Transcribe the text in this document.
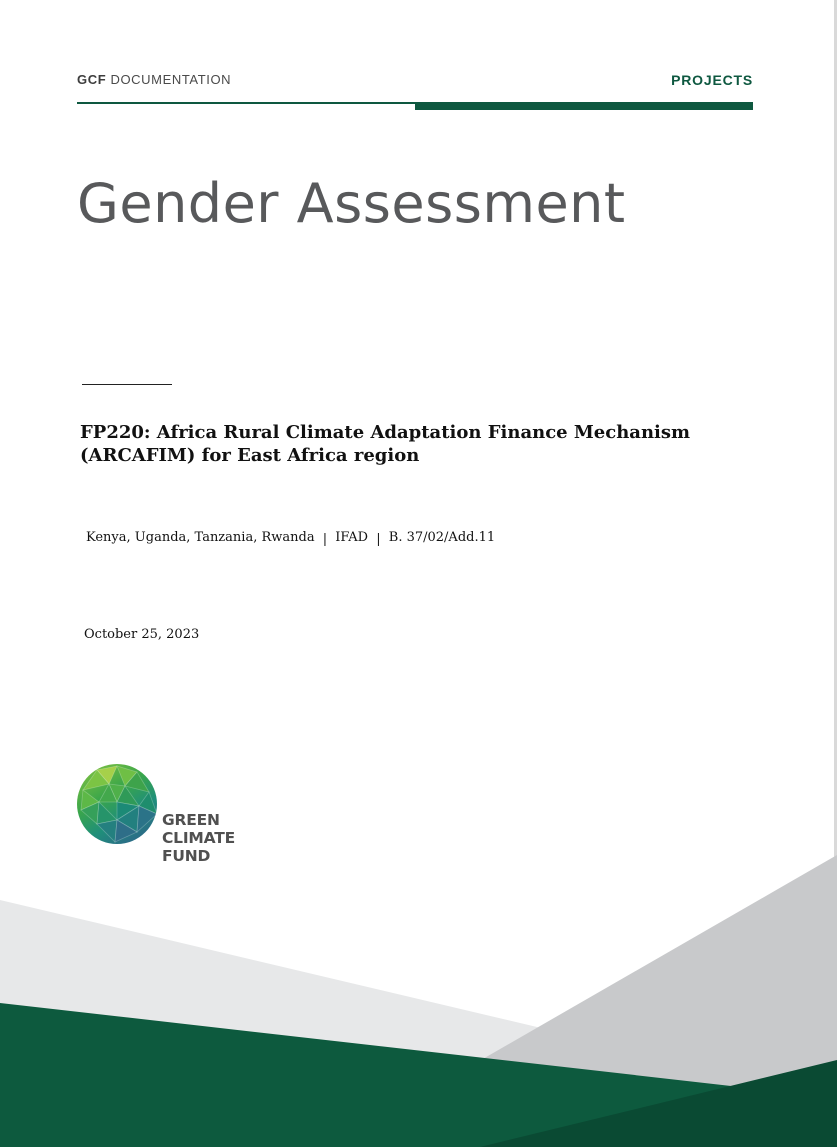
GCF DOCUMENTATION	PROJECTS
Gender Assessment
FP220: Africa Rural Climate Adaptation Finance Mechanism (ARCAFIM) for East Africa region
Kenya, Uganda, Tanzania, Rwanda | IFAD | B. 37/02/Add.11
October 25, 2023
GREEN
CLIMATE
FUND
